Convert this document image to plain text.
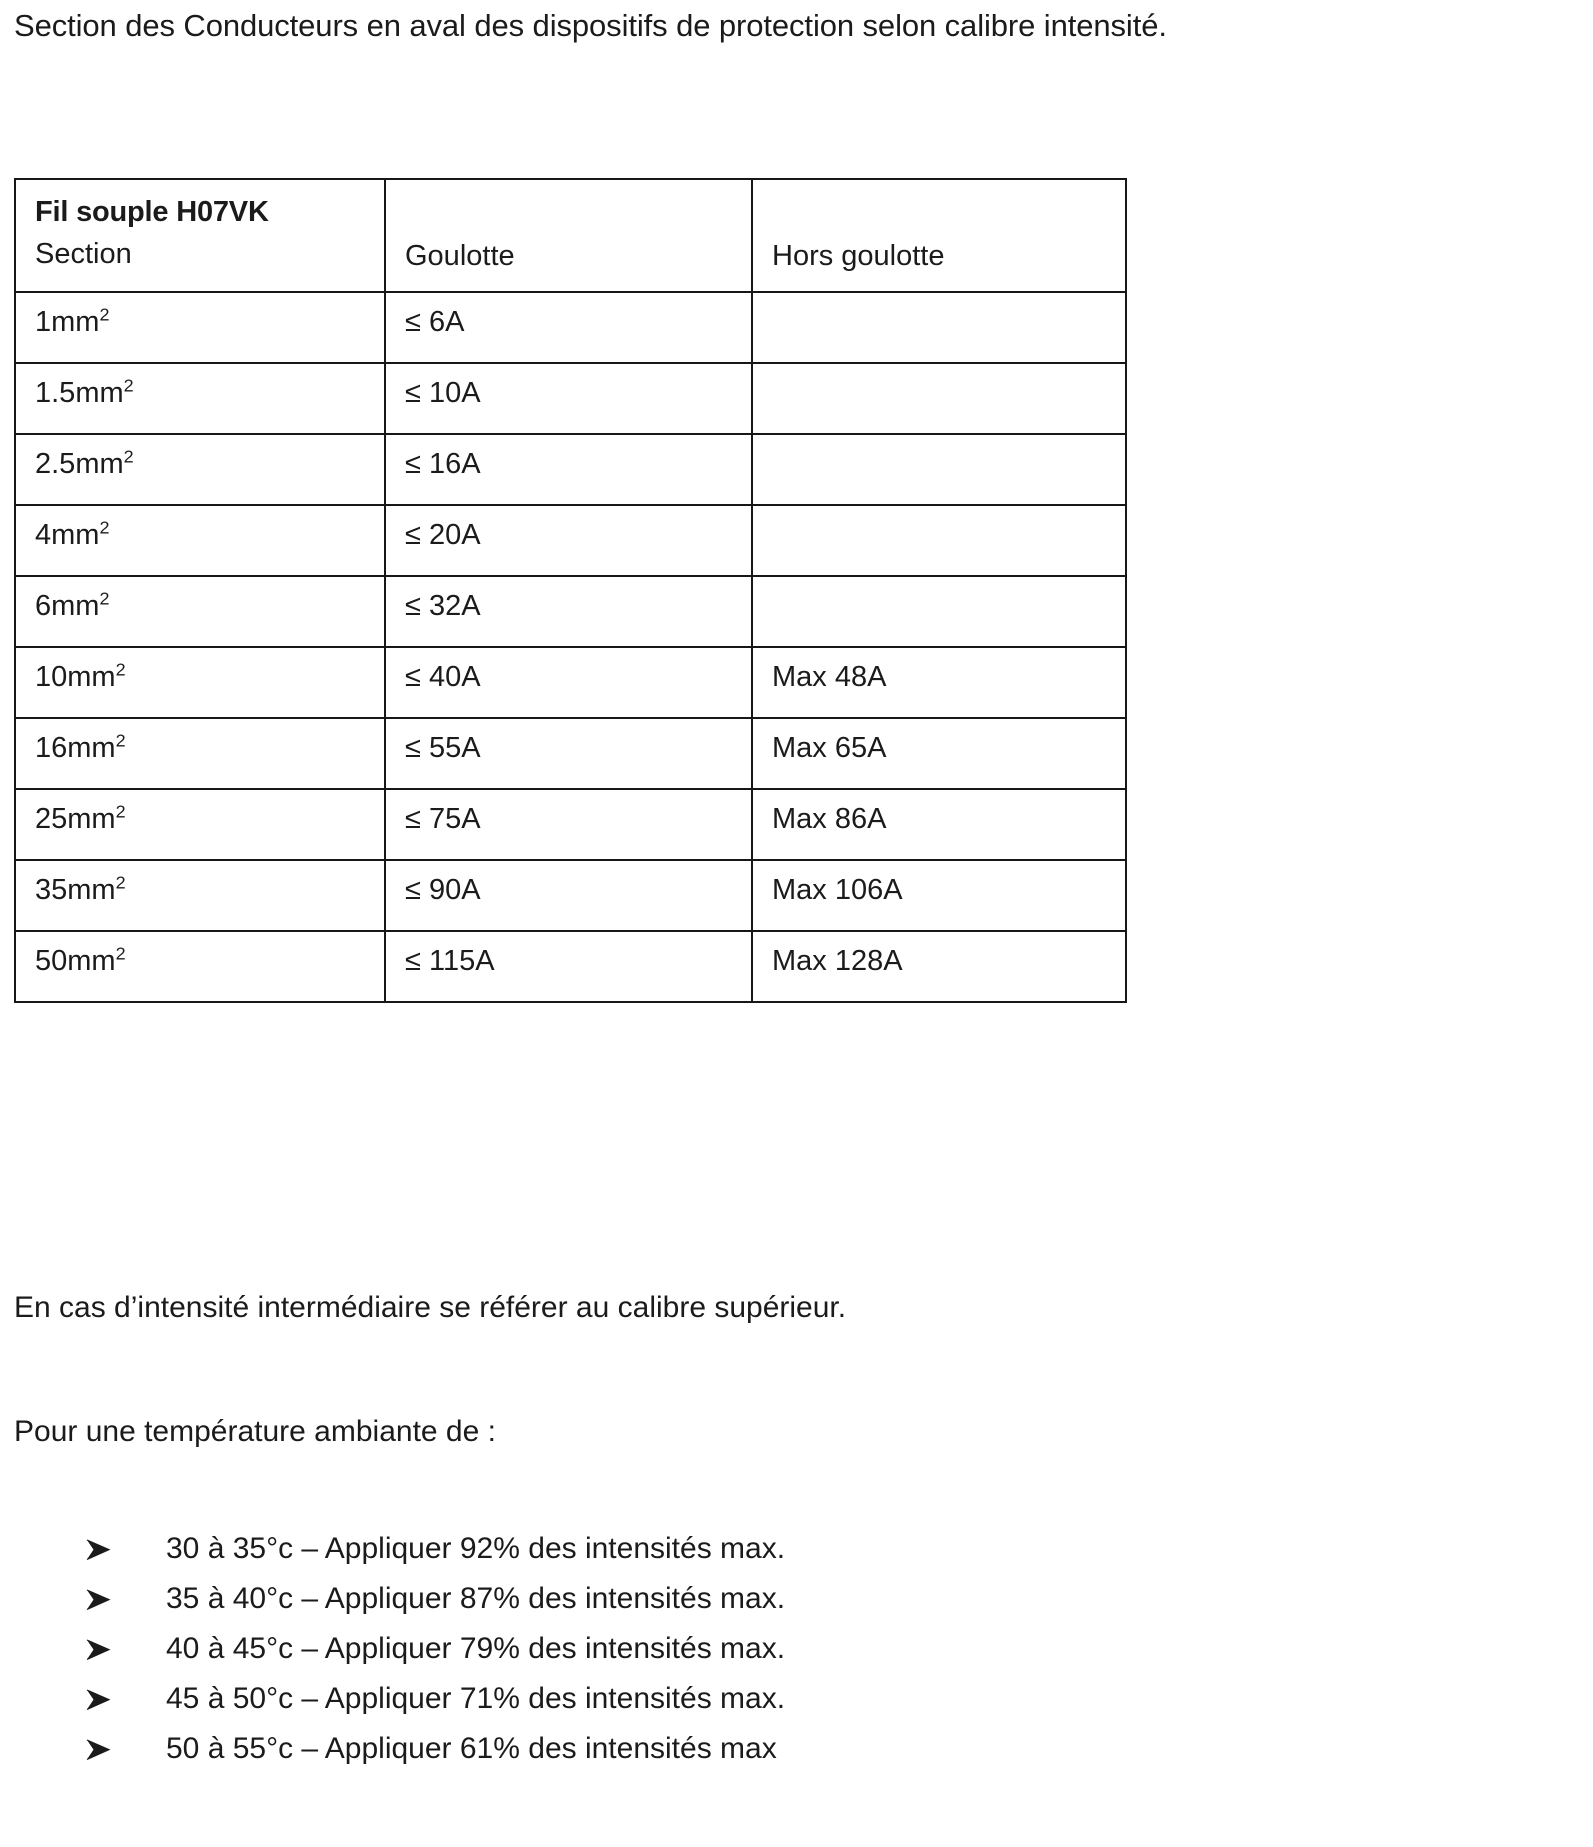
Section des Conducteurs en aval des dispositifs de protection selon calibre intensité.
Fil souple H07VK
Section	Goulotte	Hors goulotte

$1mm^2$	≤ 6A	
$1.5mm^2$	≤ 10A	
$2.5mm^2$	≤ 16A	
$4mm^2$	≤ 20A	
$6mm^2$	≤ 32A	
$10mm^2$	≤ 40A	Max 48A
$16mm^2$	≤ 55A	Max 65A
$25mm^2$	≤ 75A	Max 86A
$35mm^2$	≤ 90A	Max 106A
$50mm^2$	≤ 115A	Max 128A
En cas d’intensité intermédiaire se référer au calibre supérieur.
Pour une température ambiante de :
30 à 35°c – Appliquer 92% des intensités max.
35 à 40°c – Appliquer 87% des intensités max.
40 à 45°c – Appliquer 79% des intensités max.
45 à 50°c – Appliquer 71% des intensités max.
50 à 55°c – Appliquer 61% des intensités max
